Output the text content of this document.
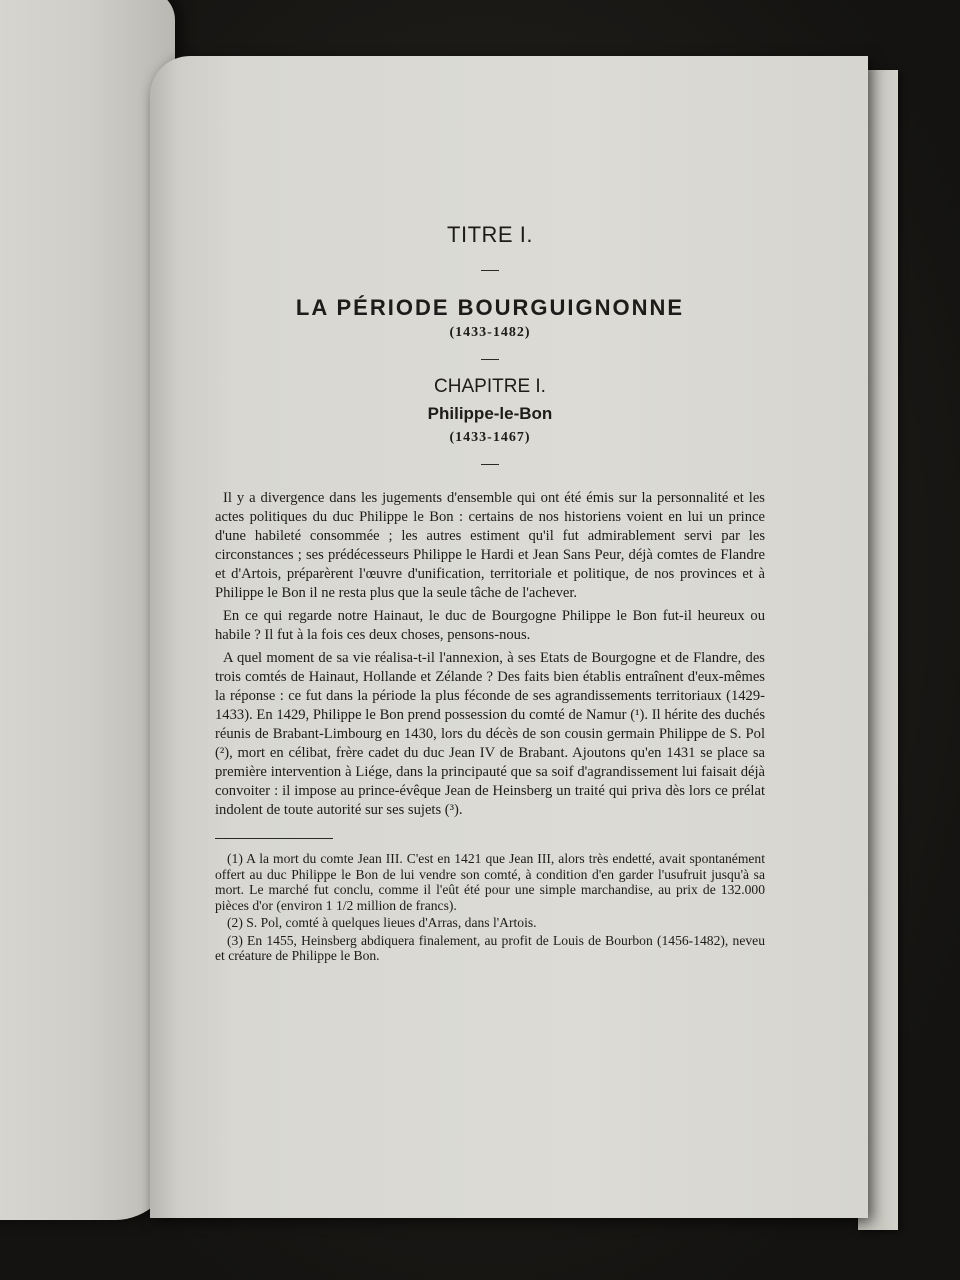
TITRE I.

LA PÉRIODE BOURGUIGNONNE

(1433-1482)

CHAPITRE I.

Philippe-le-Bon

(1433-1467)

Il y a divergence dans les jugements d'ensemble qui ont été émis sur la personnalité et les actes politiques du duc Philippe le Bon : certains de nos historiens voient en lui un prince d'une habileté consommée ; les autres estiment qu'il fut admirablement servi par les circonstances ; ses prédécesseurs Philippe le Hardi et Jean Sans Peur, déjà comtes de Flandre et d'Artois, préparèrent l'œuvre d'unification, territoriale et politique, de nos provinces et à Philippe le Bon il ne resta plus que la seule tâche de l'achever.

En ce qui regarde notre Hainaut, le duc de Bourgogne Philippe le Bon fut-il heureux ou habile ? Il fut à la fois ces deux choses, pensons-nous.

A quel moment de sa vie réalisa-t-il l'annexion, à ses Etats de Bourgogne et de Flandre, des trois comtés de Hainaut, Hollande et Zélande ? Des faits bien établis entraînent d'eux-mêmes la réponse : ce fut dans la période la plus féconde de ses agrandissements territoriaux (1429-1433). En 1429, Philippe le Bon prend possession du comté de Namur (¹). Il hérite des duchés réunis de Brabant-Limbourg en 1430, lors du décès de son cousin germain Philippe de S. Pol (²), mort en célibat, frère cadet du duc Jean IV de Brabant. Ajoutons qu'en 1431 se place sa première intervention à Liége, dans la principauté que sa soif d'agrandissement lui faisait déjà convoiter : il impose au prince-évêque Jean de Heinsberg un traité qui priva dès lors ce prélat indolent de toute autorité sur ses sujets (³).

(1) A la mort du comte Jean III. C'est en 1421 que Jean III, alors très endetté, avait spontanément offert au duc Philippe le Bon de lui vendre son comté, à condition d'en garder l'usufruit jusqu'à sa mort. Le marché fut conclu, comme il l'eût été pour une simple marchandise, au prix de 132.000 pièces d'or (environ 1 1/2 million de francs).

(2) S. Pol, comté à quelques lieues d'Arras, dans l'Artois.

(3) En 1455, Heinsberg abdiquera finalement, au profit de Louis de Bourbon (1456-1482), neveu et créature de Philippe le Bon.
